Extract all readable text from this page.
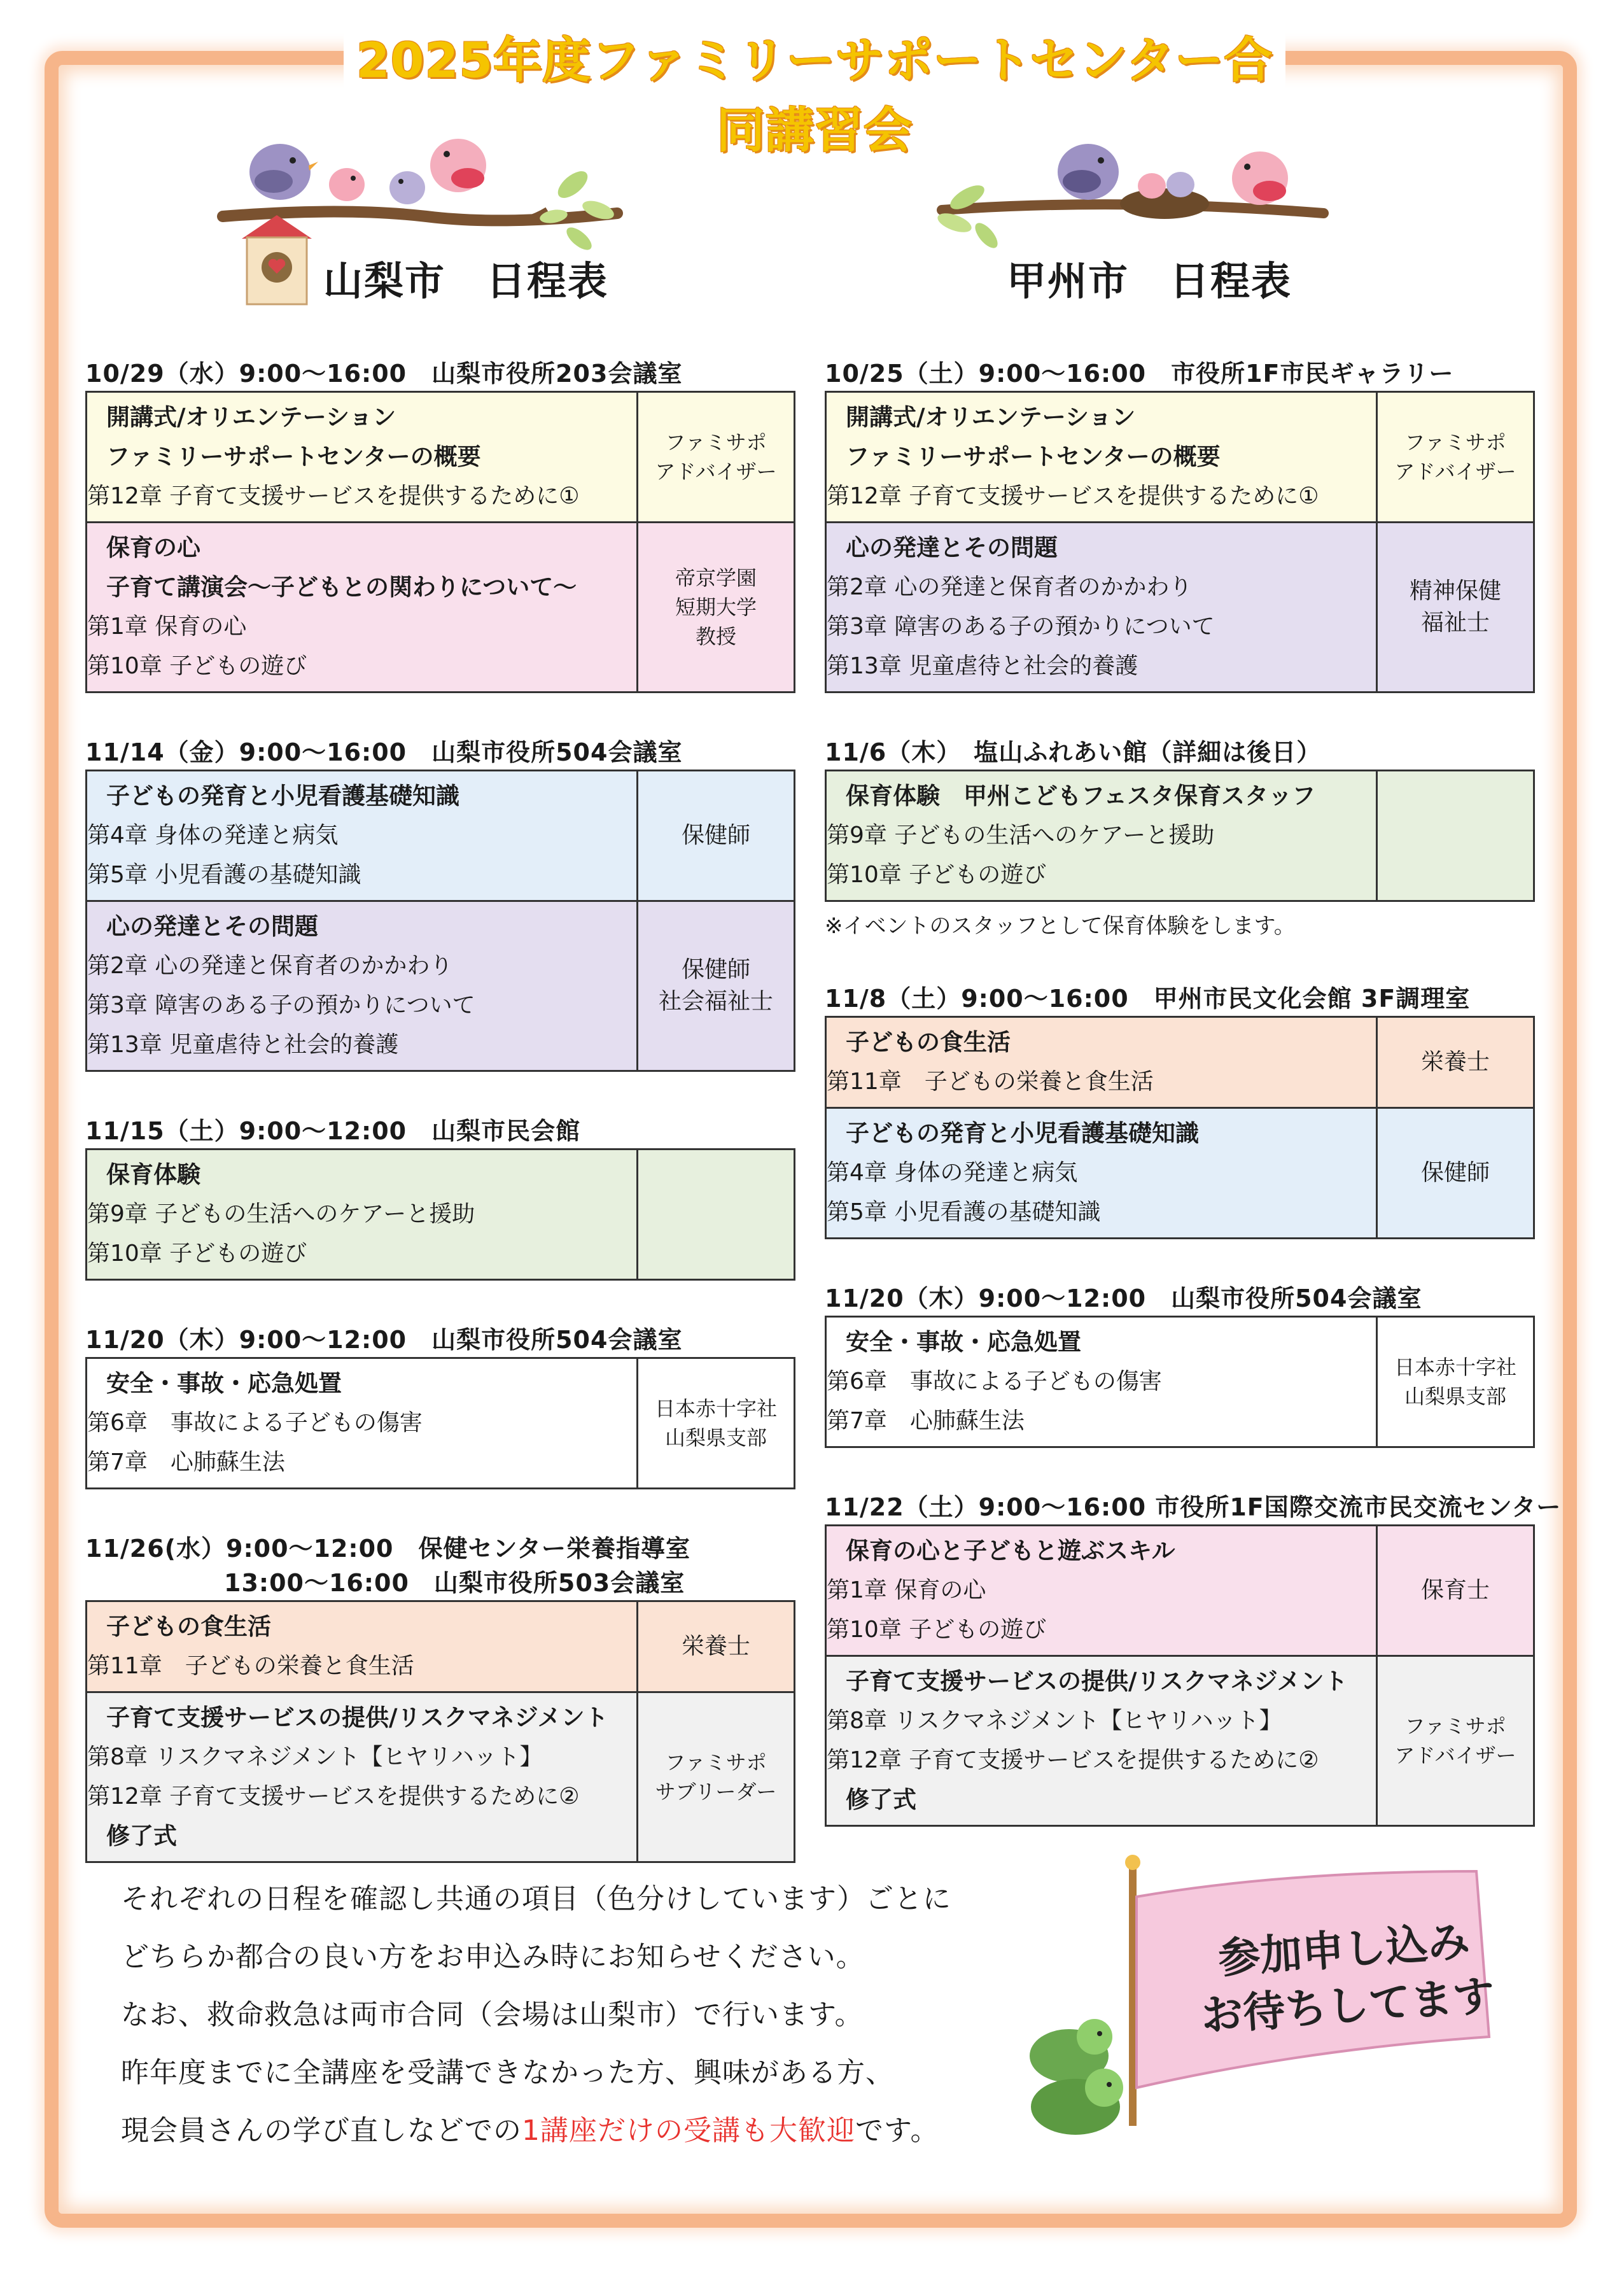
2025年度ファミリーサポートセンター合同講習会
山梨市　日程表	甲州市　日程表
10/29（水）9:00〜16:00　山梨市役所203会議室
開講式/オリエンテーション
ファミリーサポートセンターの概要
第12章 子育て支援サービスを提供するために①
ファミサポ
アドバイザー
保育の心
子育て講演会〜子どもとの関わりについて〜
第1章 保育の心
第10章 子どもの遊び
帝京学園
短期大学
教授
11/14（金）9:00〜16:00　山梨市役所504会議室
子どもの発育と小児看護基礎知識
第4章 身体の発達と病気
第5章 小児看護の基礎知識
保健師
心の発達とその問題
第2章 心の発達と保育者のかかわり
第3章 障害のある子の預かりについて
第13章 児童虐待と社会的養護
保健師
社会福祉士
11/15（土）9:00〜12:00　山梨市民会館
保育体験
第9章 子どもの生活へのケアーと援助
第10章 子どもの遊び
11/20（木）9:00〜12:00　山梨市役所504会議室
安全・事故・応急処置
第6章　事故による子どもの傷害
第7章　心肺蘇生法
日本赤十字社
山梨県支部
11/26(水）9:00〜12:00　保健センター栄養指導室
13:00〜16:00　山梨市役所503会議室
子どもの食生活
第11章　子どもの栄養と食生活
栄養士
子育て支援サービスの提供/リスクマネジメント
第8章 リスクマネジメント【ヒヤリハット】
第12章 子育て支援サービスを提供するために②
修了式
ファミサポ
サブリーダー
10/25（土）9:00〜16:00　市役所1F市民ギャラリー
開講式/オリエンテーション
ファミリーサポートセンターの概要
第12章 子育て支援サービスを提供するために①
ファミサポ
アドバイザー
心の発達とその問題
第2章 心の発達と保育者のかかわり
第3章 障害のある子の預かりについて
第13章 児童虐待と社会的養護
精神保健
福祉士
11/6（木）　塩山ふれあい館（詳細は後日）
保育体験　甲州こどもフェスタ保育スタッフ
第9章 子どもの生活へのケアーと援助
第10章 子どもの遊び
※イベントのスタッフとして保育体験をします。
11/8（土）9:00〜16:00　甲州市民文化会館 3F調理室
子どもの食生活
第11章　子どもの栄養と食生活
栄養士
子どもの発育と小児看護基礎知識
第4章 身体の発達と病気
第5章 小児看護の基礎知識
保健師
11/20（木）9:00〜12:00　山梨市役所504会議室
安全・事故・応急処置
第6章　事故による子どもの傷害
第7章　心肺蘇生法
日本赤十字社
山梨県支部
11/22（土）9:00〜16:00 市役所1F国際交流市民交流センター
保育の心と子どもと遊ぶスキル
第1章 保育の心
第10章 子どもの遊び
保育士
子育て支援サービスの提供/リスクマネジメント
第8章 リスクマネジメント【ヒヤリハット】
第12章 子育て支援サービスを提供するために②
修了式
ファミサポ
アドバイザー

それぞれの日程を確認し共通の項目（色分けしています）ごとに

どちらか都合の良い方をお申込み時にお知らせください。

なお、救命救急は両市合同（会場は山梨市）で行います。

昨年度までに全講座を受講できなかった方、興味がある方、

現会員さんの学び直しなどでの1講座だけの受講も大歓迎です。

参加申し込み
お待ちしてます
